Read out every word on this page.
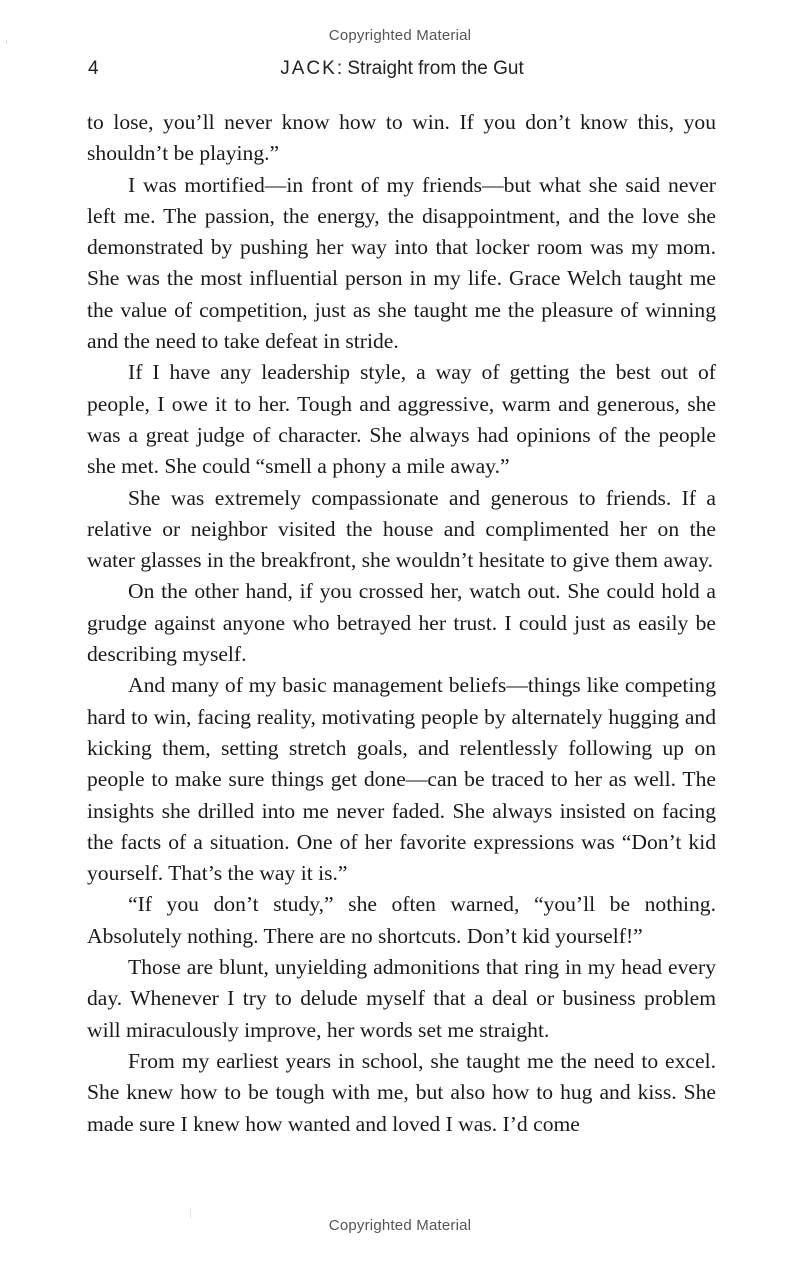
Copyrighted Material
4	JACK: Straight from the Gut

to lose, you’ll never know how to win. If you don’t know this, you shouldn’t be playing.”

I was mortified—in front of my friends—but what she said never left me. The passion, the energy, the disappointment, and the love she demonstrated by pushing her way into that locker room was my mom. She was the most influential person in my life. Grace Welch taught me the value of competition, just as she taught me the pleasure of winning and the need to take defeat in stride.

If I have any leadership style, a way of getting the best out of people, I owe it to her. Tough and aggressive, warm and generous, she was a great judge of character. She always had opinions of the people she met. She could “smell a phony a mile away.”

She was extremely compassionate and generous to friends. If a relative or neighbor visited the house and complimented her on the water glasses in the breakfront, she wouldn’t hesitate to give them away.

On the other hand, if you crossed her, watch out. She could hold a grudge against anyone who betrayed her trust. I could just as easily be describing myself.

And many of my basic management beliefs—things like competing hard to win, facing reality, motivating people by alternately hugging and kicking them, setting stretch goals, and relentlessly following up on people to make sure things get done—can be traced to her as well. The insights she drilled into me never faded. She always insisted on facing the facts of a situation. One of her favorite expressions was “Don’t kid yourself. That’s the way it is.”

“If you don’t study,” she often warned, “you’ll be nothing. Absolutely nothing. There are no shortcuts. Don’t kid yourself!”

Those are blunt, unyielding admonitions that ring in my head every day. Whenever I try to delude myself that a deal or business problem will miraculously improve, her words set me straight.

From my earliest years in school, she taught me the need to excel. She knew how to be tough with me, but also how to hug and kiss. She made sure I knew how wanted and loved I was. I’d come

Copyrighted Material
